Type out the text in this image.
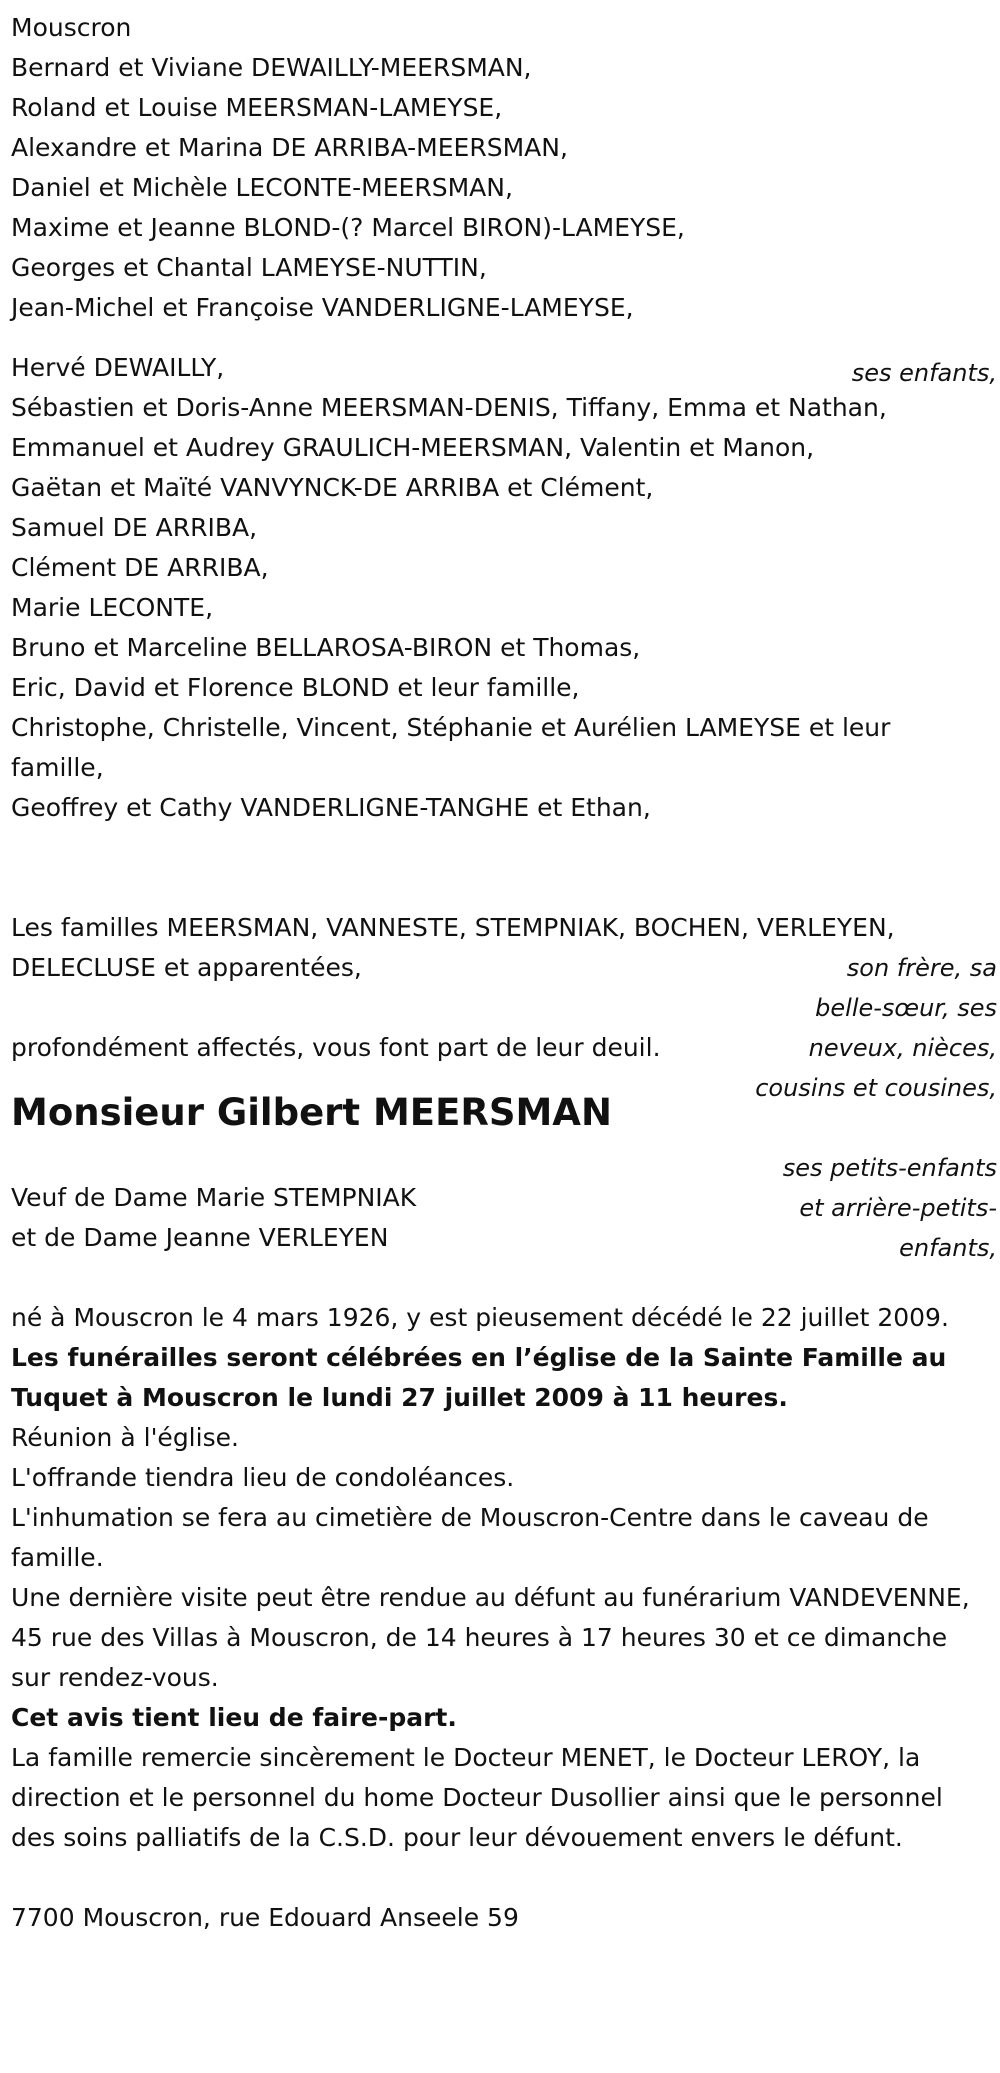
Mouscron
Bernard et Viviane DEWAILLY-MEERSMAN,
Roland et Louise MEERSMAN-LAMEYSE,
Alexandre et Marina DE ARRIBA-MEERSMAN,
Daniel et Michèle LECONTE-MEERSMAN,
Maxime et Jeanne BLOND-(? Marcel BIRON)-LAMEYSE,
Georges et Chantal LAMEYSE-NUTTIN,
Jean-Michel et Françoise VANDERLIGNE-LAMEYSE,
ses enfants,
Hervé DEWAILLY,
Sébastien et Doris-Anne MEERSMAN-DENIS, Tiffany, Emma et Nathan,
Emmanuel et Audrey GRAULICH-MEERSMAN, Valentin et Manon,
Gaëtan et Maïté VANVYNCK-DE ARRIBA et Clément,
Samuel DE ARRIBA,
Clément DE ARRIBA,
Marie LECONTE,
Bruno et Marceline BELLAROSA-BIRON et Thomas,
Eric, David et Florence BLOND et leur famille,
Christophe, Christelle, Vincent, Stéphanie et Aurélien LAMEYSE et leur famille,
Geoffrey et Cathy VANDERLIGNE-TANGHE et Ethan,
ses petits-enfants
et arrière-petits-
enfants,
Les familles MEERSMAN, VANNESTE, STEMPNIAK, BOCHEN, VERLEYEN,
DELECLUSE et apparentées,
profondément affectés, vous font part de leur deuil.
Monsieur Gilbert MEERSMAN
son frère, sa
belle-sœur, ses
neveux, nièces,
cousins et cousines,
Veuf de Dame Marie STEMPNIAK
et de Dame Jeanne VERLEYEN
né à Mouscron le 4 mars 1926, y est pieusement décédé le 22 juillet 2009.
Les funérailles seront célébrées en l’église de la Sainte Famille au Tuquet à Mouscron le lundi 27 juillet 2009 à 11 heures.
Réunion à l'église.
L'offrande tiendra lieu de condoléances.
L'inhumation se fera au cimetière de Mouscron-Centre dans le caveau de famille.
Une dernière visite peut être rendue au défunt au funérarium VANDEVENNE, 45 rue des Villas à Mouscron, de 14 heures à 17 heures 30 et ce dimanche sur rendez-vous.
Cet avis tient lieu de faire-part.
La famille remercie sincèrement le Docteur MENET, le Docteur LEROY, la direction et le personnel du home Docteur Dusollier ainsi que le personnel des soins palliatifs de la C.S.D. pour leur dévouement envers le défunt.
7700 Mouscron, rue Edouard Anseele 59
